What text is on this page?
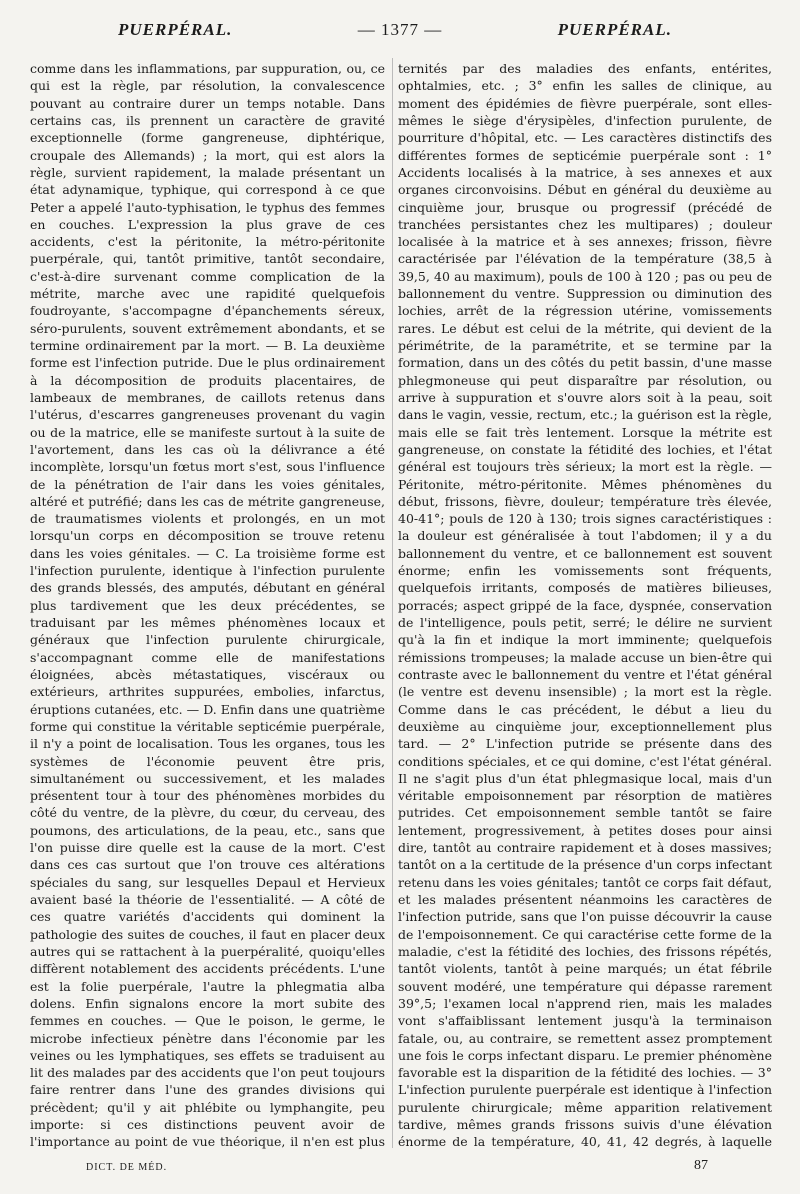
PUERPÉRAL.	— 1377 —	PUERPÉRAL.

comme dans les inflammations, par suppuration, ou, ce qui est la règle, par résolution, la convalescence pouvant au contraire durer un temps notable. Dans certains cas, ils prennent un caractère de gravité exceptionnelle (forme gangreneuse, diphtérique, croupale des Allemands) ; la mort, qui est alors la règle, survient rapidement, la malade présentant un état adynamique, typhique, qui correspond à ce que Peter a appelé l'auto-typhisation, le typhus des femmes en couches. L'expression la plus grave de ces accidents, c'est la péritonite, la métro-péritonite puerpérale, qui, tantôt primitive, tantôt secondaire, c'est-à-dire survenant comme complication de la métrite, marche avec une rapidité quelquefois foudroyante, s'accompagne d'épanchements séreux, séro-purulents, souvent extrêmement abondants, et se termine ordinairement par la mort. — B. La deuxième forme est l'infection putride. Due le plus ordinairement à la décomposition de produits placentaires, de lambeaux de membranes, de caillots retenus dans l'utérus, d'escarres gangreneuses provenant du vagin ou de la matrice, elle se manifeste surtout à la suite de l'avortement, dans les cas où la délivrance a été incomplète, lorsqu'un fœtus mort s'est, sous l'influence de la pénétration de l'air dans les voies génitales, altéré et putréfié; dans les cas de métrite gangreneuse, de traumatismes violents et prolongés, en un mot lorsqu'un corps en décomposition se trouve retenu dans les voies génitales. — C. La troisième forme est l'infection purulente, identique à l'infection purulente des grands blessés, des amputés, débutant en général plus tardivement que les deux précédentes, se traduisant par les mêmes phénomènes locaux et généraux que l'infection purulente chirurgicale, s'accompagnant comme elle de manifestations éloignées, abcès métastatiques, viscéraux ou extérieurs, arthrites suppurées, embolies, infarctus, éruptions cutanées, etc. — D. Enfin dans une quatrième forme qui constitue la véritable septicémie puerpérale, il n'y a point de localisation. Tous les organes, tous les systèmes de l'économie peuvent être pris, simultanément ou successivement, et les malades présentent tour à tour des phénomènes morbides du côté du ventre, de la plèvre, du cœur, du cerveau, des poumons, des articulations, de la peau, etc., sans que l'on puisse dire quelle est la cause de la mort. C'est dans ces cas surtout que l'on trouve ces altérations spéciales du sang, sur lesquelles Depaul et Hervieux avaient basé la théorie de l'essentialité. — A côté de ces quatre variétés d'accidents qui dominent la pathologie des suites de couches, il faut en placer deux autres qui se rattachent à la puerpéralité, quoiqu'elles diffèrent notablement des accidents précédents. L'une est la folie puerpérale, l'autre la phlegmatia alba dolens. Enfin signalons encore la mort subite des femmes en couches. — Que le poison, le germe, le microbe infectieux pénètre dans l'économie par les veines ou les lymphatiques, ses effets se traduisent au lit des malades par des accidents que l'on peut toujours faire rentrer dans l'une des grandes divisions qui précèdent; qu'il y ait phlébite ou lymphangite, peu importe: si ces distinctions peuvent avoir de l'importance au point de vue théorique, il n'en est plus

ternités par des maladies des enfants, entérites, ophtalmies, etc. ; 3° enfin les salles de clinique, au moment des épidémies de fièvre puerpérale, sont elles-mêmes le siège d'érysipèles, d'infection purulente, de pourriture d'hôpital, etc. — Les caractères distinctifs des différentes formes de septicémie puerpérale sont : 1° Accidents localisés à la matrice, à ses annexes et aux organes circonvoisins. Début en général du deuxième au cinquième jour, brusque ou progressif (précédé de tranchées persistantes chez les multipares) ; douleur localisée à la matrice et à ses annexes; frisson, fièvre caractérisée par l'élévation de la température (38,5 à 39,5, 40 au maximum), pouls de 100 à 120 ; pas ou peu de ballonnement du ventre. Suppression ou diminution des lochies, arrêt de la régression utérine, vomissements rares. Le début est celui de la métrite, qui devient de la périmétrite, de la paramétrite, et se termine par la formation, dans un des côtés du petit bassin, d'une masse phlegmoneuse qui peut disparaître par résolution, ou arrive à suppuration et s'ouvre alors soit à la peau, soit dans le vagin, vessie, rectum, etc.; la guérison est la règle, mais elle se fait très lentement. Lorsque la métrite est gangreneuse, on constate la fétidité des lochies, et l'état général est toujours très sérieux; la mort est la règle. — Péritonite, métro-péritonite. Mêmes phénomènes du début, frissons, fièvre, douleur; température très élevée, 40-41°; pouls de 120 à 130; trois signes caractéristiques : la douleur est généralisée à tout l'abdomen; il y a du ballonnement du ventre, et ce ballonnement est souvent énorme; enfin les vomissements sont fréquents, quelquefois irritants, composés de matières bilieuses, porracés; aspect grippé de la face, dyspnée, conservation de l'intelligence, pouls petit, serré; le délire ne survient qu'à la fin et indique la mort imminente; quelquefois rémissions trompeuses; la malade accuse un bien-être qui contraste avec le ballonnement du ventre et l'état général (le ventre est devenu insensible) ; la mort est la règle. Comme dans le cas précédent, le début a lieu du deuxième au cinquième jour, exceptionnellement plus tard. — 2° L'infection putride se présente dans des conditions spéciales, et ce qui domine, c'est l'état général. Il ne s'agit plus d'un état phlegmasique local, mais d'un véritable empoisonnement par résorption de matières putrides. Cet empoisonnement semble tantôt se faire lentement, progressivement, à petites doses pour ainsi dire, tantôt au contraire rapidement et à doses massives; tantôt on a la certitude de la présence d'un corps infectant retenu dans les voies génitales; tantôt ce corps fait défaut, et les malades présentent néanmoins les caractères de l'infection putride, sans que l'on puisse découvrir la cause de l'empoisonnement. Ce qui caractérise cette forme de la maladie, c'est la fétidité des lochies, des frissons répétés, tantôt violents, tantôt à peine marqués; un état fébrile souvent modéré, une température qui dépasse rarement 39°,5; l'examen local n'apprend rien, mais les malades vont s'affaiblissant lentement jusqu'à la terminaison fatale, ou, au contraire, se remettent assez promptement une fois le corps infectant disparu. Le premier phénomène favorable est la disparition de la fétidité des lochies. — 3° L'infection purulente puerpérale est identique à l'infection purulente chirurgicale; même apparition relativement tardive, mêmes grands frissons suivis d'une élévation énorme de la température, 40, 41, 42 degrés, à laquelle

DICT. DE MÉD.	87
